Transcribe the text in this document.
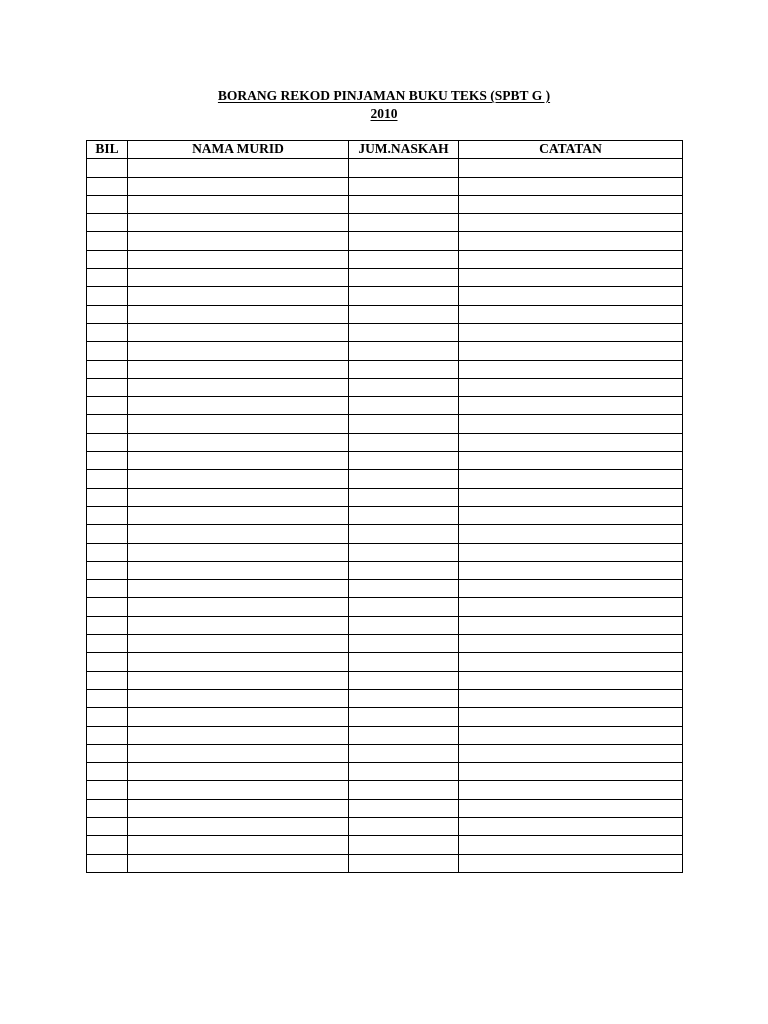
BORANG REKOD PINJAMAN BUKU TEKS (SPBT G )

2010

BIL	NAMA MURID	JUM.NASKAH	CATATAN
